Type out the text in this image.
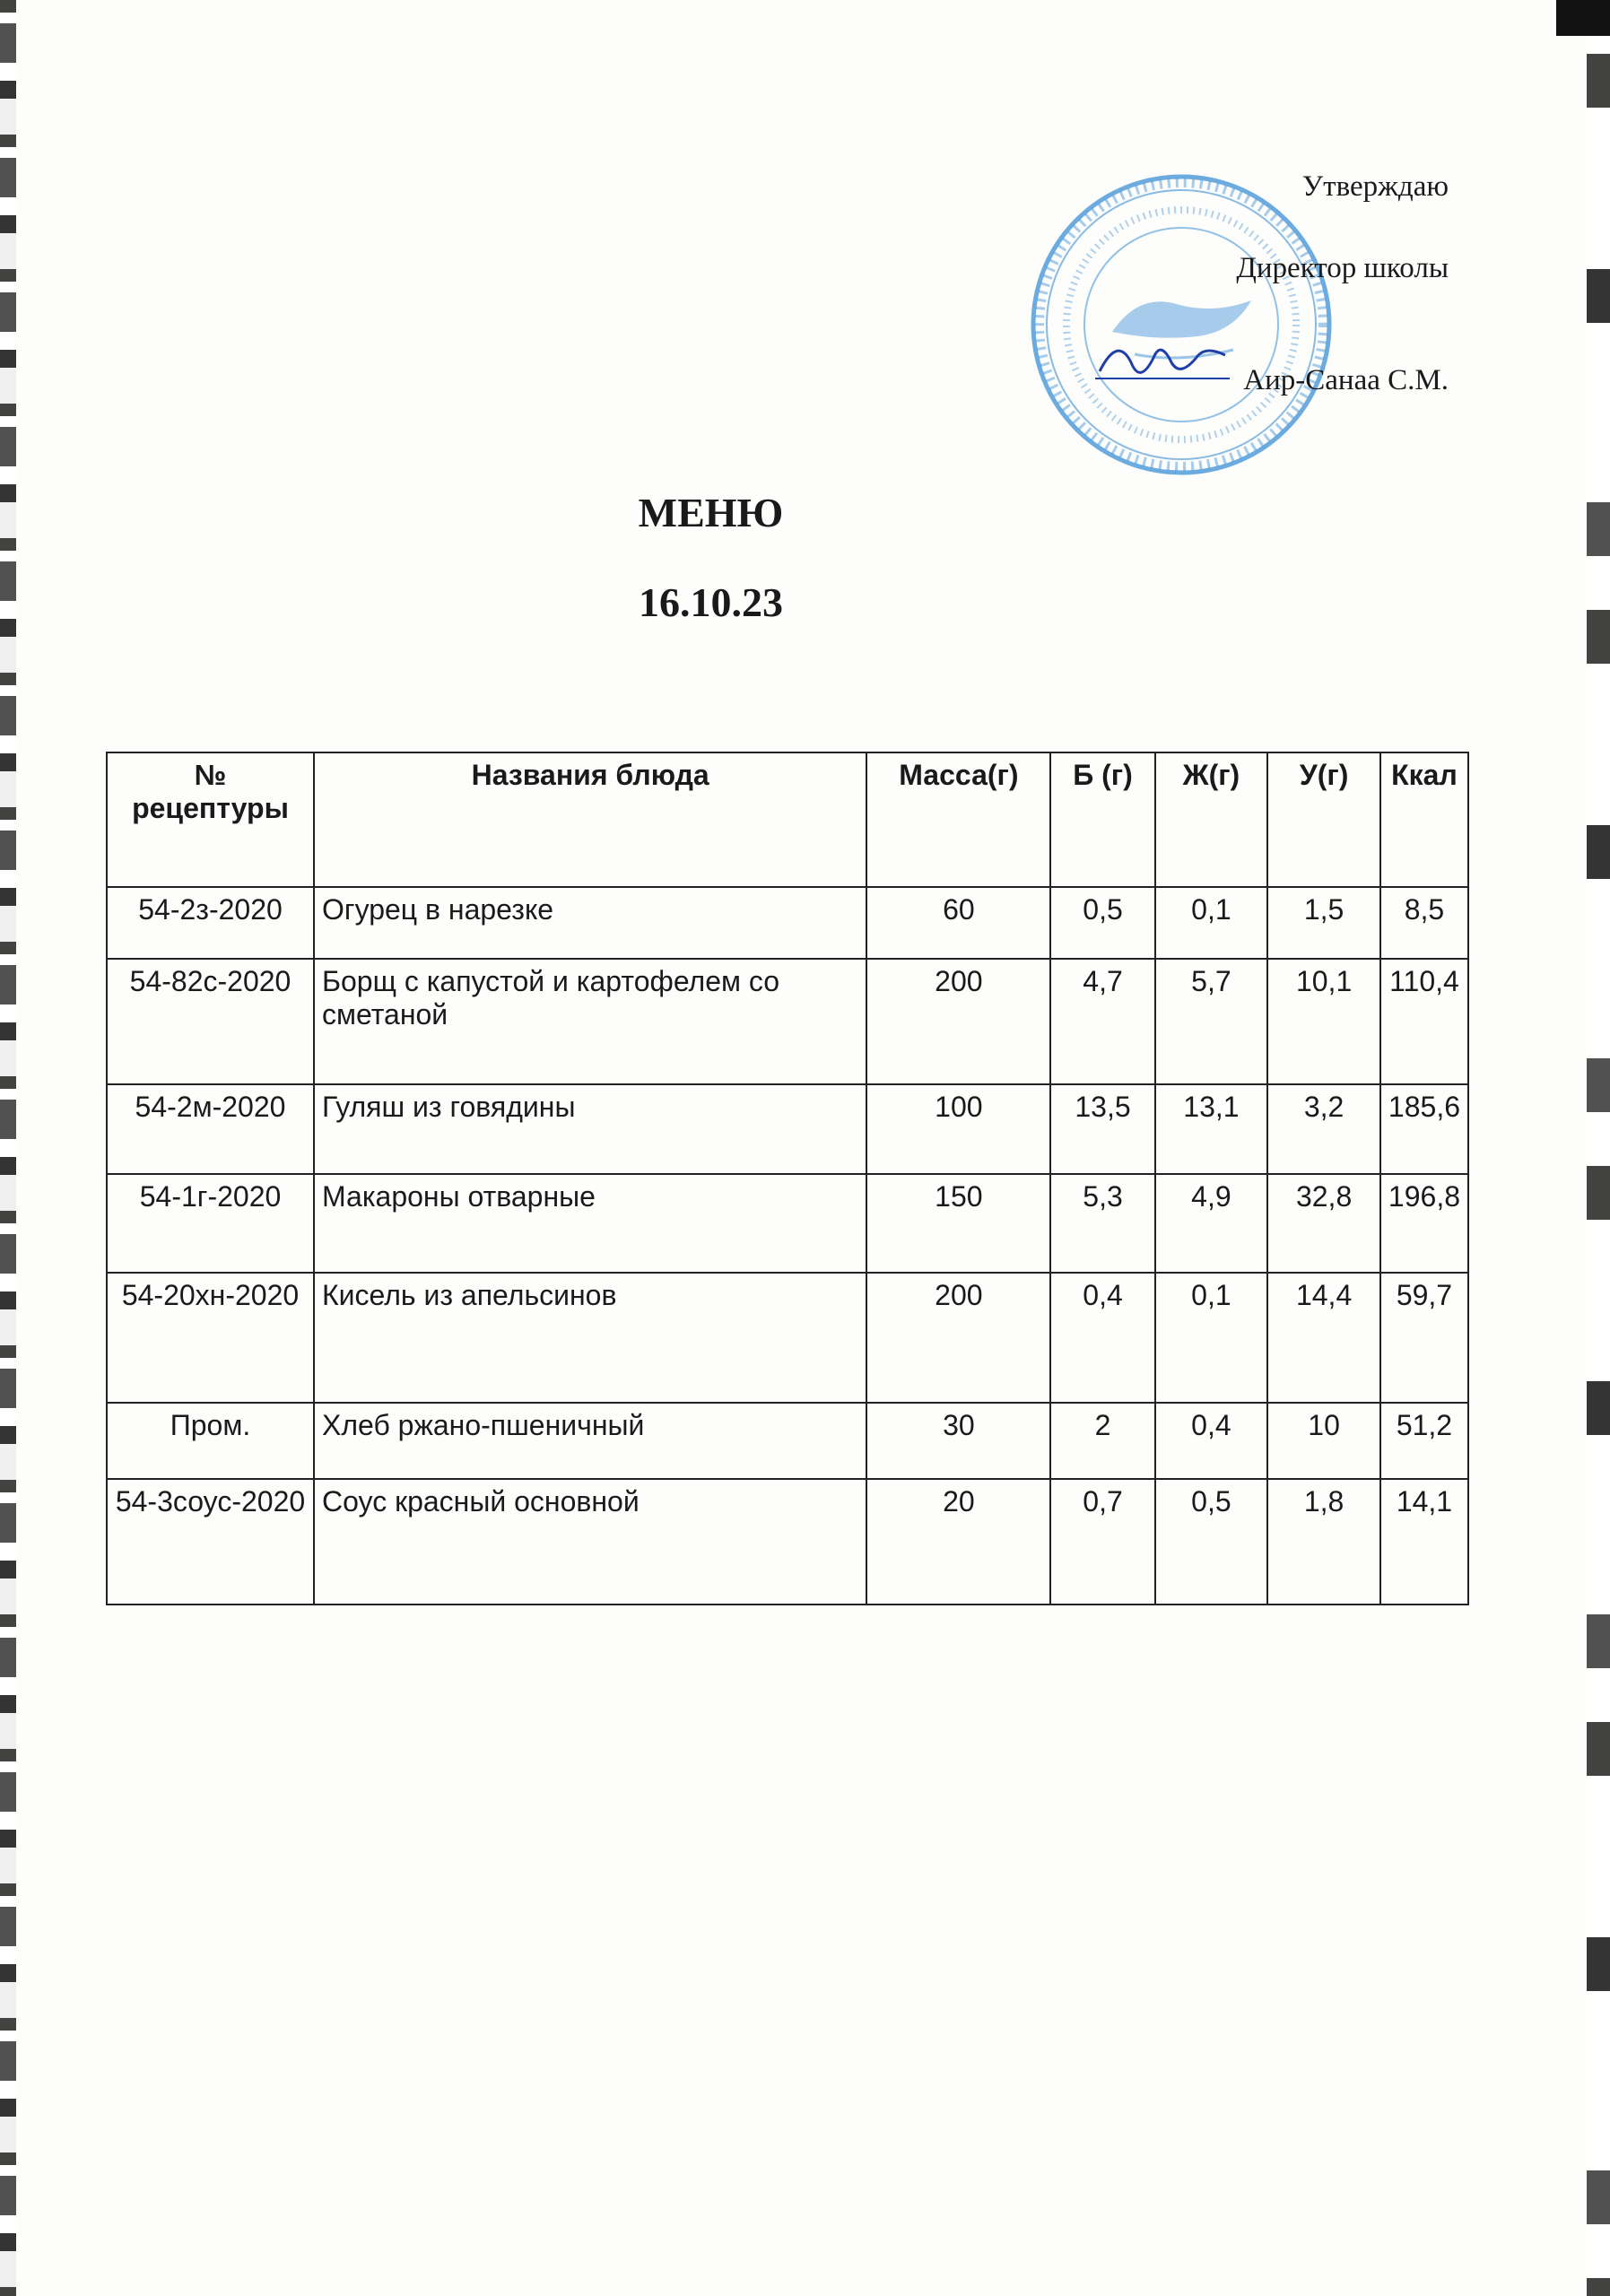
Утверждаю
Директор школы
Аир-Санаа С.М.
МЕНЮ
16.10.23
№ рецептуры	Названия блюда	Масса(г)	Б (г)	Ж(г)	У(г)	Ккал
54-2з-2020	Огурец в нарезке	60	0,5	0,1	1,5	8,5
54-82с-2020	Борщ с капустой и картофелем со сметаной	200	4,7	5,7	10,1	110,4
54-2м-2020	Гуляш из говядины	100	13,5	13,1	3,2	185,6
54-1г-2020	Макароны отварные	150	5,3	4,9	32,8	196,8
54-20хн-2020	Кисель из апельсинов	200	0,4	0,1	14,4	59,7
Пром.	Хлеб ржано-пшеничный	30	2	0,4	10	51,2
54-3соус-2020	Соус красный основной	20	0,7	0,5	1,8	14,1
